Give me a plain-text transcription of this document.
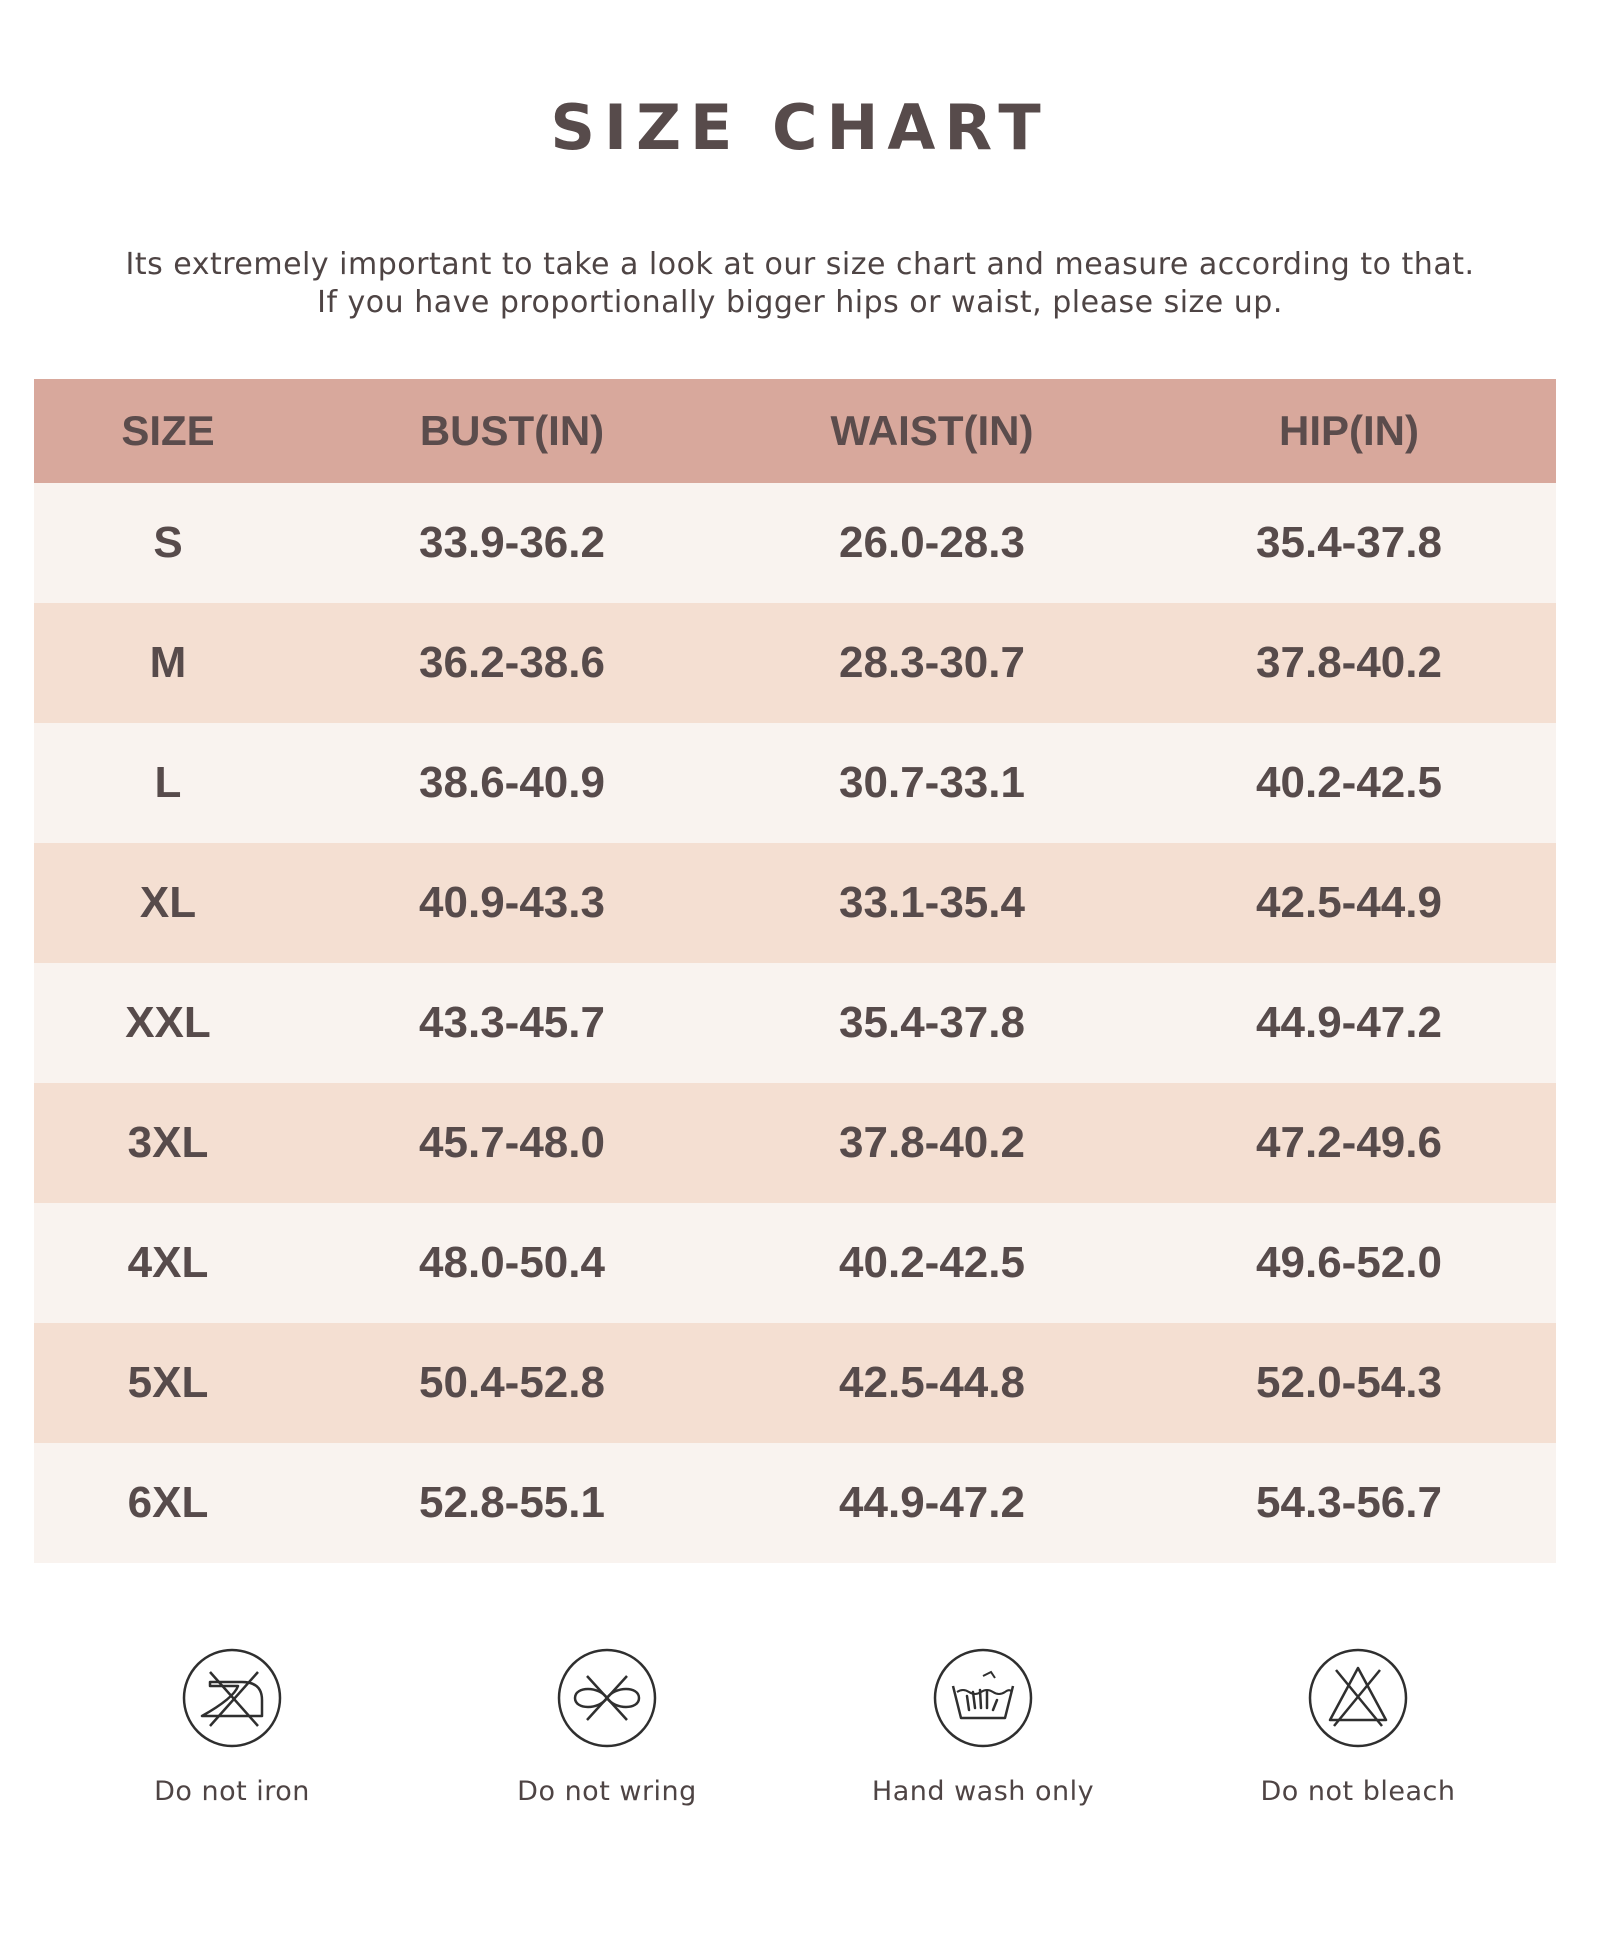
SIZE CHART
Its extremely important to take a look at our size chart and measure according to that.
If you have proportionally bigger hips or waist, please size up.
SIZE	BUST(IN)	WAIST(IN)	HIP(IN)
S	33.9-36.2	26.0-28.3	35.4-37.8
M	36.2-38.6	28.3-30.7	37.8-40.2
L	38.6-40.9	30.7-33.1	40.2-42.5
XL	40.9-43.3	33.1-35.4	42.5-44.9
XXL	43.3-45.7	35.4-37.8	44.9-47.2
3XL	45.7-48.0	37.8-40.2	47.2-49.6
4XL	48.0-50.4	40.2-42.5	49.6-52.0
5XL	50.4-52.8	42.5-44.8	52.0-54.3
6XL	52.8-55.1	44.9-47.2	54.3-56.7
Do not iron	Do not wring	Hand wash only	Do not bleach
